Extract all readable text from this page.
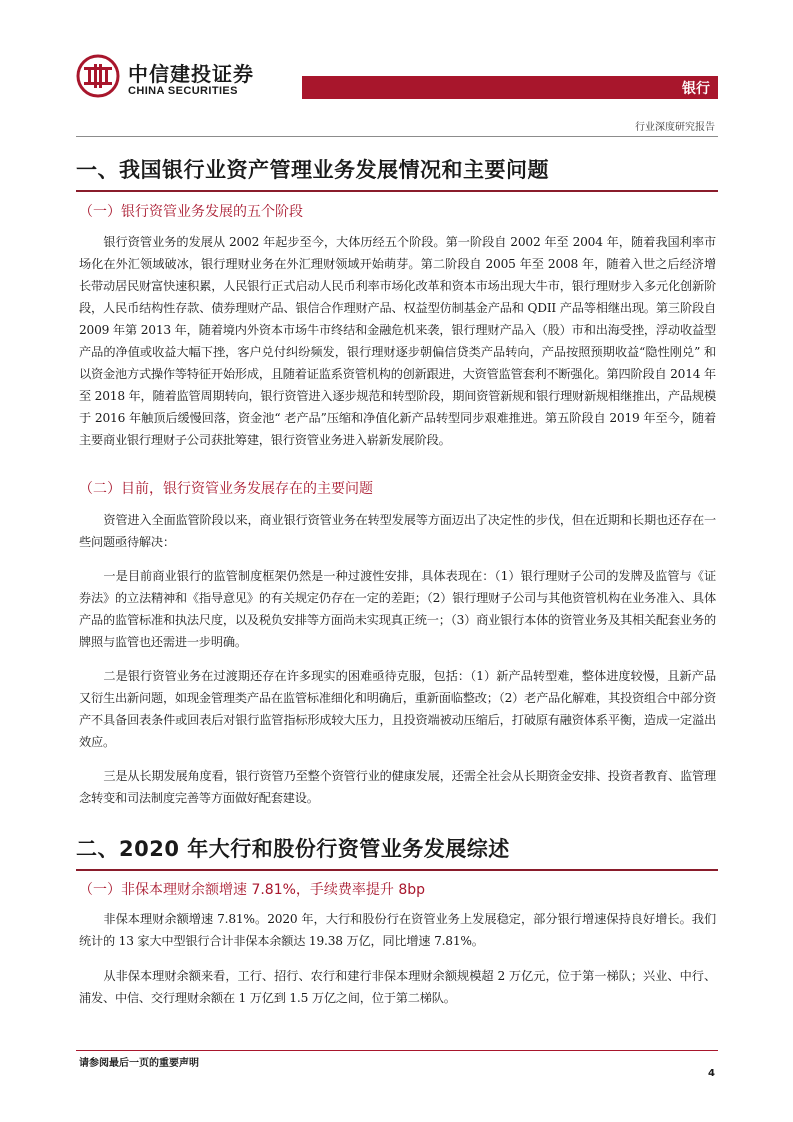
中信建投证券
CHINA SECURITIES	银行
行业深度研究报告
一、我国银行业资产管理业务发展情况和主要问题
（一）银行资管业务发展的五个阶段

银行资管业务的发展从 2002 年起步至今，大体历经五个阶段。第一阶段自 2002 年至 2004 年，随着我国利率市场化在外汇领域破冰，银行理财业务在外汇理财领域开始萌芽。第二阶段自 2005 年至 2008 年，随着入世之后经济增长带动居民财富快速积累，人民银行正式启动人民币利率市场化改革和资本市场出现大牛市，银行理财步入多元化创新阶段，人民币结构性存款、债券理财产品、银信合作理财产品、权益型仿制基金产品和 QDII 产品等相继出现。第三阶段自 2009 年第 2013 年，随着境内外资本市场牛市终结和金融危机来袭，银行理财产品入（股）市和出海受挫，浮动收益型产品的净值或收益大幅下挫，客户兑付纠纷频发，银行理财逐步朝偏信贷类产品转向，产品按照预期收益“隐性刚兑” 和以资金池方式操作等特征开始形成，且随着证监系资管机构的创新跟进，大资管监管套利不断强化。第四阶段自 2014 年至 2018 年，随着监管周期转向，银行资管进入逐步规范和转型阶段，期间资管新规和银行理财新规相继推出，产品规模于 2016 年触顶后缓慢回落，资金池“ 老产品”压缩和净值化新产品转型同步艰难推进。第五阶段自 2019 年至今，随着主要商业银行理财子公司获批筹建，银行资管业务进入崭新发展阶段。

（二）目前，银行资管业务发展存在的主要问题

资管进入全面监管阶段以来，商业银行资管业务在转型发展等方面迈出了决定性的步伐，但在近期和长期也还存在一些问题亟待解决：

一是目前商业银行的监管制度框架仍然是一种过渡性安排，具体表现在：（1）银行理财子公司的发牌及监管与《证券法》的立法精神和《指导意见》的有关规定仍存在一定的差距；（2）银行理财子公司与其他资管机构在业务准入、具体产品的监管标准和执法尺度，以及税负安排等方面尚未实现真正统一；（3）商业银行本体的资管业务及其相关配套业务的牌照与监管也还需进一步明确。

二是银行资管业务在过渡期还存在许多现实的困难亟待克服，包括：（1）新产品转型难，整体进度较慢，且新产品又衍生出新问题，如现金管理类产品在监管标准细化和明确后，重新面临整改；（2）老产品化解难，其投资组合中部分资产不具备回表条件或回表后对银行监管指标形成较大压力，且投资端被动压缩后，打破原有融资体系平衡，造成一定溢出效应。

三是从长期发展角度看，银行资管乃至整个资管行业的健康发展，还需全社会从长期资金安排、投资者教育、监管理念转变和司法制度完善等方面做好配套建设。

二、2020 年大行和股份行资管业务发展综述
（一）非保本理财余额增速 7.81%，手续费率提升 8bp

非保本理财余额增速 7.81%。2020 年，大行和股份行在资管业务上发展稳定，部分银行增速保持良好增长。我们统计的 13 家大中型银行合计非保本余额达 19.38 万亿，同比增速 7.81%。

从非保本理财余额来看，工行、招行、农行和建行非保本理财余额规模超 2 万亿元，位于第一梯队；兴业、中行、浦发、中信、交行理财余额在 1 万亿到 1.5 万亿之间，位于第二梯队。

请参阅最后一页的重要声明
4
